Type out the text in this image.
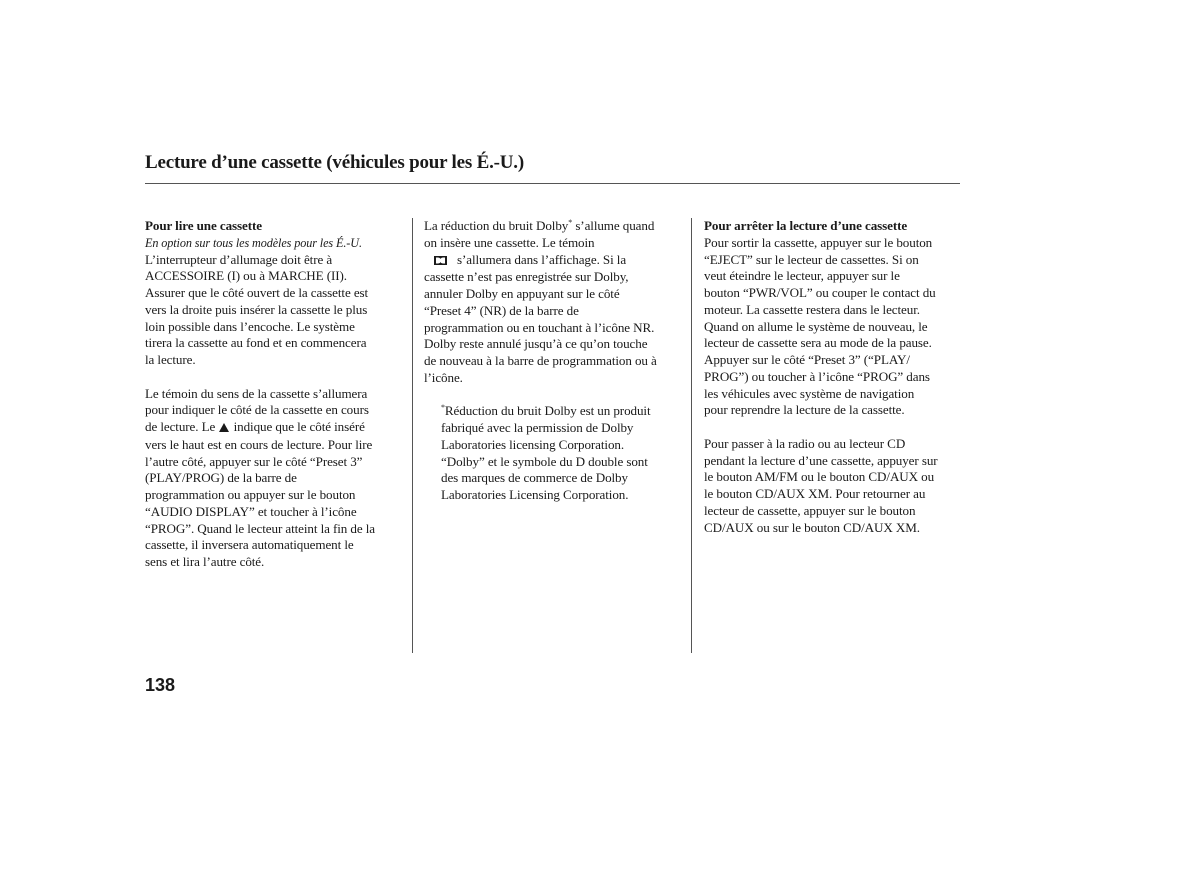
Lecture d’une cassette (véhicules pour les É.-U.)
Pour lire une cassette
En option sur tous les modèles pour les É.-U.
L’interrupteur d’allumage doit être à
ACCESSOIRE (I) ou à MARCHE (II).
Assurer que le côté ouvert de la cassette est
vers la droite puis insérer la cassette le plus
loin possible dans l’encoche. Le système
tirera la cassette au fond et en commencera
la lecture.
Le témoin du sens de la cassette s’allumera
pour indiquer le côté de la cassette en cours
de lecture. Le indique que le côté inséré
vers le haut est en cours de lecture. Pour lire
l’autre côté, appuyer sur le côté “Preset 3”
(PLAY/PROG) de la barre de
programmation ou appuyer sur le bouton
“AUDIO DISPLAY” et toucher à l’icône
“PROG”. Quand le lecteur atteint la fin de la
cassette, il inversera automatiquement le
sens et lira l’autre côté.
La réduction du bruit Dolby* s’allume quand
on insère une cassette. Le témoin
s’allumera dans l’affichage. Si la
cassette n’est pas enregistrée sur Dolby,
annuler Dolby en appuyant sur le côté
“Preset 4” (NR) de la barre de
programmation ou en touchant à l’icône NR.
Dolby reste annulé jusqu’à ce qu’on touche
de nouveau à la barre de programmation ou à
l’icône.
*Réduction du bruit Dolby est un produit
fabriqué avec la permission de Dolby
Laboratories licensing Corporation.
“Dolby” et le symbole du D double sont
des marques de commerce de Dolby
Laboratories Licensing Corporation.
Pour arrêter la lecture d’une cassette
Pour sortir la cassette, appuyer sur le bouton
“EJECT” sur le lecteur de cassettes. Si on
veut éteindre le lecteur, appuyer sur le
bouton “PWR/VOL” ou couper le contact du
moteur. La cassette restera dans le lecteur.
Quand on allume le système de nouveau, le
lecteur de cassette sera au mode de la pause.
Appuyer sur le côté “Preset 3” (“PLAY/
PROG”) ou toucher à l’icône “PROG” dans
les véhicules avec système de navigation
pour reprendre la lecture de la cassette.
Pour passer à la radio ou au lecteur CD
pendant la lecture d’une cassette, appuyer sur
le bouton AM/FM ou le bouton CD/AUX ou
le bouton CD/AUX XM. Pour retourner au
lecteur de cassette, appuyer sur le bouton
CD/AUX ou sur le bouton CD/AUX XM.
138
